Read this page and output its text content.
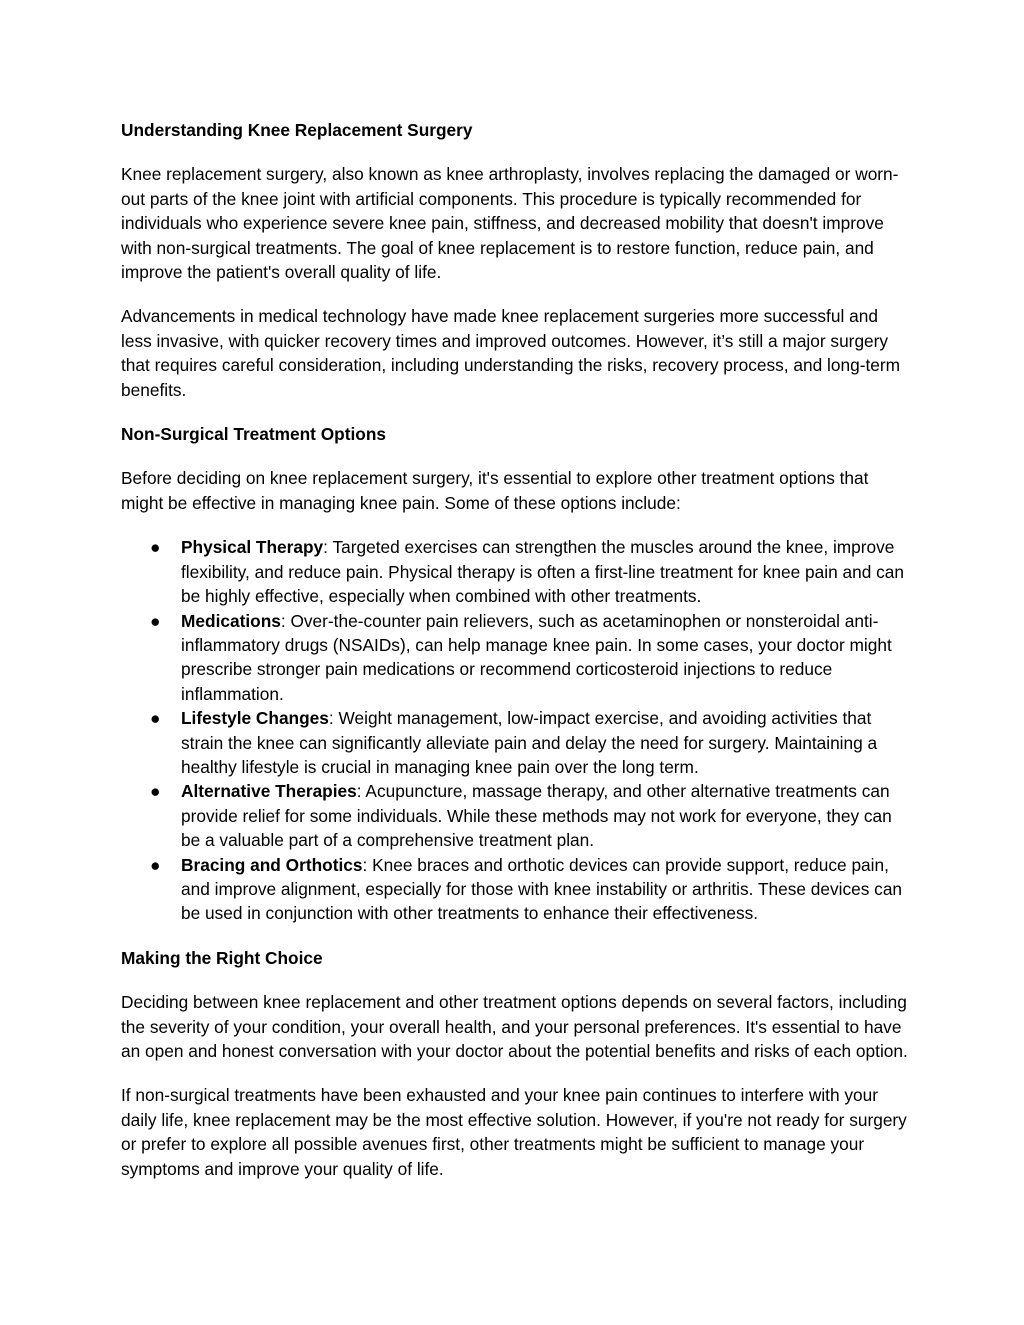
Understanding Knee Replacement Surgery

Knee replacement surgery, also known as knee arthroplasty, involves replacing the damaged or worn-out parts of the knee joint with artificial components. This procedure is typically recommended for individuals who experience severe knee pain, stiffness, and decreased mobility that doesn't improve with non-surgical treatments. The goal of knee replacement is to restore function, reduce pain, and improve the patient's overall quality of life.

Advancements in medical technology have made knee replacement surgeries more successful and less invasive, with quicker recovery times and improved outcomes. However, it’s still a major surgery that requires careful consideration, including understanding the risks, recovery process, and long-term benefits.

Non-Surgical Treatment Options

Before deciding on knee replacement surgery, it's essential to explore other treatment options that might be effective in managing knee pain. Some of these options include:

● Physical Therapy: Targeted exercises can strengthen the muscles around the knee, improve flexibility, and reduce pain. Physical therapy is often a first-line treatment for knee pain and can be highly effective, especially when combined with other treatments.
● Medications: Over-the-counter pain relievers, such as acetaminophen or nonsteroidal anti-inflammatory drugs (NSAIDs), can help manage knee pain. In some cases, your doctor might prescribe stronger pain medications or recommend corticosteroid injections to reduce inflammation.
● Lifestyle Changes: Weight management, low-impact exercise, and avoiding activities that strain the knee can significantly alleviate pain and delay the need for surgery. Maintaining a healthy lifestyle is crucial in managing knee pain over the long term.
● Alternative Therapies: Acupuncture, massage therapy, and other alternative treatments can provide relief for some individuals. While these methods may not work for everyone, they can be a valuable part of a comprehensive treatment plan.
● Bracing and Orthotics: Knee braces and orthotic devices can provide support, reduce pain, and improve alignment, especially for those with knee instability or arthritis. These devices can be used in conjunction with other treatments to enhance their effectiveness.
Making the Right Choice

Deciding between knee replacement and other treatment options depends on several factors, including the severity of your condition, your overall health, and your personal preferences. It's essential to have an open and honest conversation with your doctor about the potential benefits and risks of each option.

If non-surgical treatments have been exhausted and your knee pain continues to interfere with your daily life, knee replacement may be the most effective solution. However, if you're not ready for surgery or prefer to explore all possible avenues first, other treatments might be sufficient to manage your symptoms and improve your quality of life.
